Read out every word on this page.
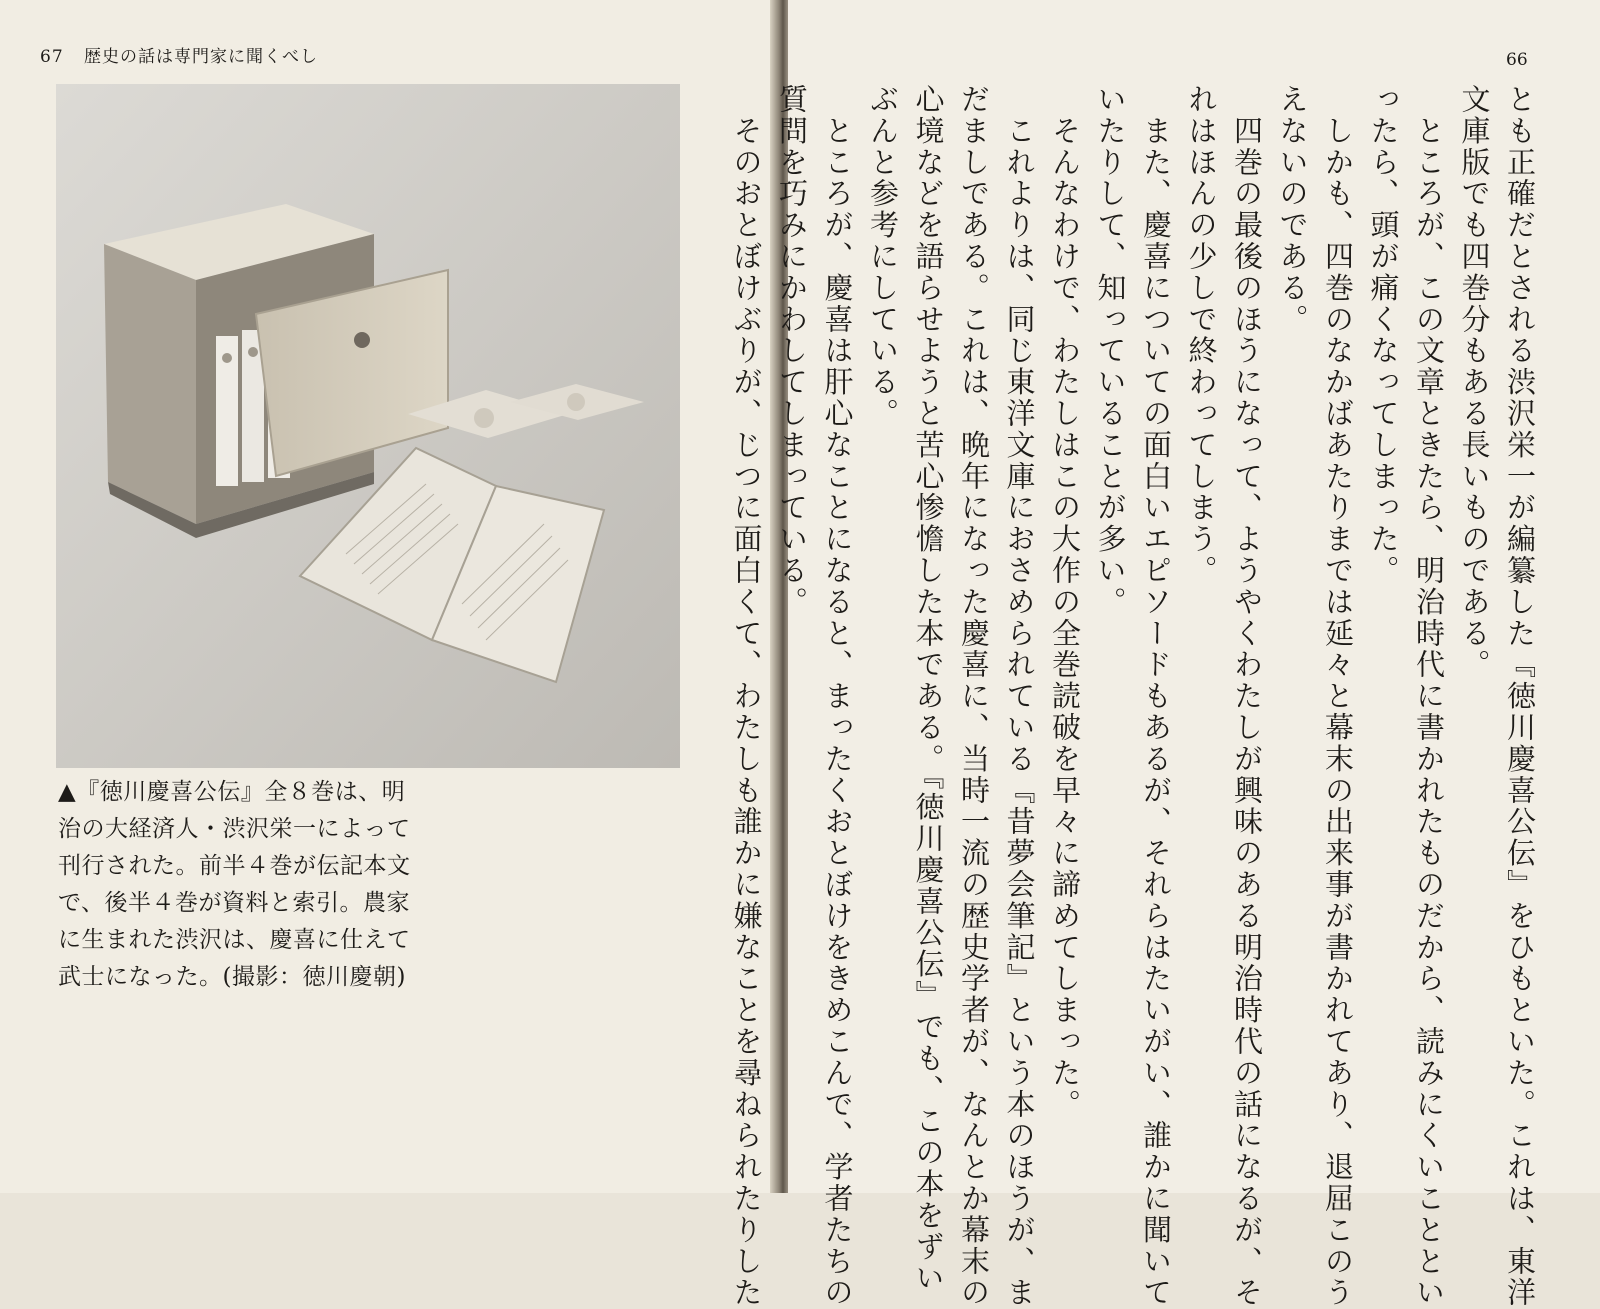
67 歴史の話は専門家に聞くべし
▲『徳川慶喜公伝』全８巻は、明
治の大経済人・渋沢栄一によって
刊行された。前半４巻が伝記本文
で、後半４巻が資料と索引。農家
に生まれた渋沢は、慶喜に仕えて
武士になった。(撮影：徳川慶朝)
66
とも正確だとされる渋沢栄一が編纂した『徳川慶喜公伝』をひもといた。これは、東洋
文庫版でも四巻分もある長いものである。
　ところが、この文章ときたら、明治時代に書かれたものだから、読みにくいこととい
ったら、頭が痛くなってしまった。
　しかも、四巻のなかばあたりまでは延々と幕末の出来事が書かれてあり、退屈このう
えないのである。
　四巻の最後のほうになって、ようやくわたしが興味のある明治時代の話になるが、そ
れはほんの少しで終わってしまう。
　また、慶喜についての面白いエピソードもあるが、それらはたいがい、誰かに聞いて
いたりして、知っていることが多い。
　そんなわけで、わたしはこの大作の全巻読破を早々に諦めてしまった。
　これよりは、同じ東洋文庫におさめられている『昔夢会筆記』という本のほうが、ま
だましである。これは、晩年になった慶喜に、当時一流の歴史学者が、なんとか幕末の
心境などを語らせようと苦心惨憺した本である。『徳川慶喜公伝』でも、この本をずい
ぶんと参考にしている。
　ところが、慶喜は肝心なことになると、まったくおとぼけをきめこんで、学者たちの
質問を巧みにかわしてしまっている。
　そのおとぼけぶりが、じつに面白くて、わたしも誰かに嫌なことを尋ねられたりした
